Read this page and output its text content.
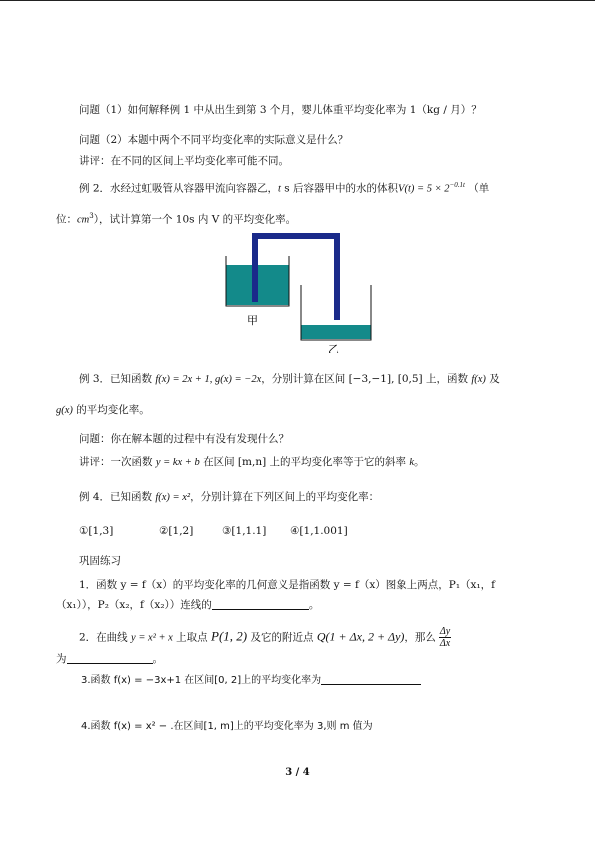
问题（1）如何解释例 1 中从出生到第 3 个月，婴儿体重平均变化率为 1（kg / 月）？
问题（2）本题中两个不同平均变化率的实际意义是什么？
讲评：在不同的区间上平均变化率可能不同。
例 2．水经过虹吸管从容器甲流向容器乙，t s 后容器甲中的水的体积$V(t) = 5 \times 2^{-0.1t}$ （单
位：$cm^3$），试计算第一个 10s 内 V 的平均变化率。
甲
乙
例 3．已知函数 f(x) = 2x + 1, g(x) = −2x，分别计算在区间 [−3,−1], [0,5] 上，函数 f(x) 及
g(x) 的平均变化率。
问题：你在解本题的过程中有没有发现什么？
讲评：一次函数 y = kx + b 在区间 [m,n] 上的平均变化率等于它的斜率 k。
例 4．已知函数 f(x) = x²，分别计算在下列区间上的平均变化率：
①[1,3]	②[1,2]	③[1,1.1] ④[1,1.001]
巩固练习
1．函数 y = f（x）的平均变化率的几何意义是指函数 y = f（x）图象上两点，P₁（x₁，f
（x₁）），P₂（x₂，f（x₂））连线的	。
2．在曲线 y = x² + x 上取点 P(1, 2) 及它的附近点 Q(1 + Δx, 2 + Δy)，那么 $\frac{\Delta y}{\Delta x}$
为	。
3.函数 f(x) = −3x+1 在区间[0, 2]上的平均变化率为
4.函数 f(x) = x² − .在区间[1, m]上的平均变化率为 3,则 m 值为
3 / 4
